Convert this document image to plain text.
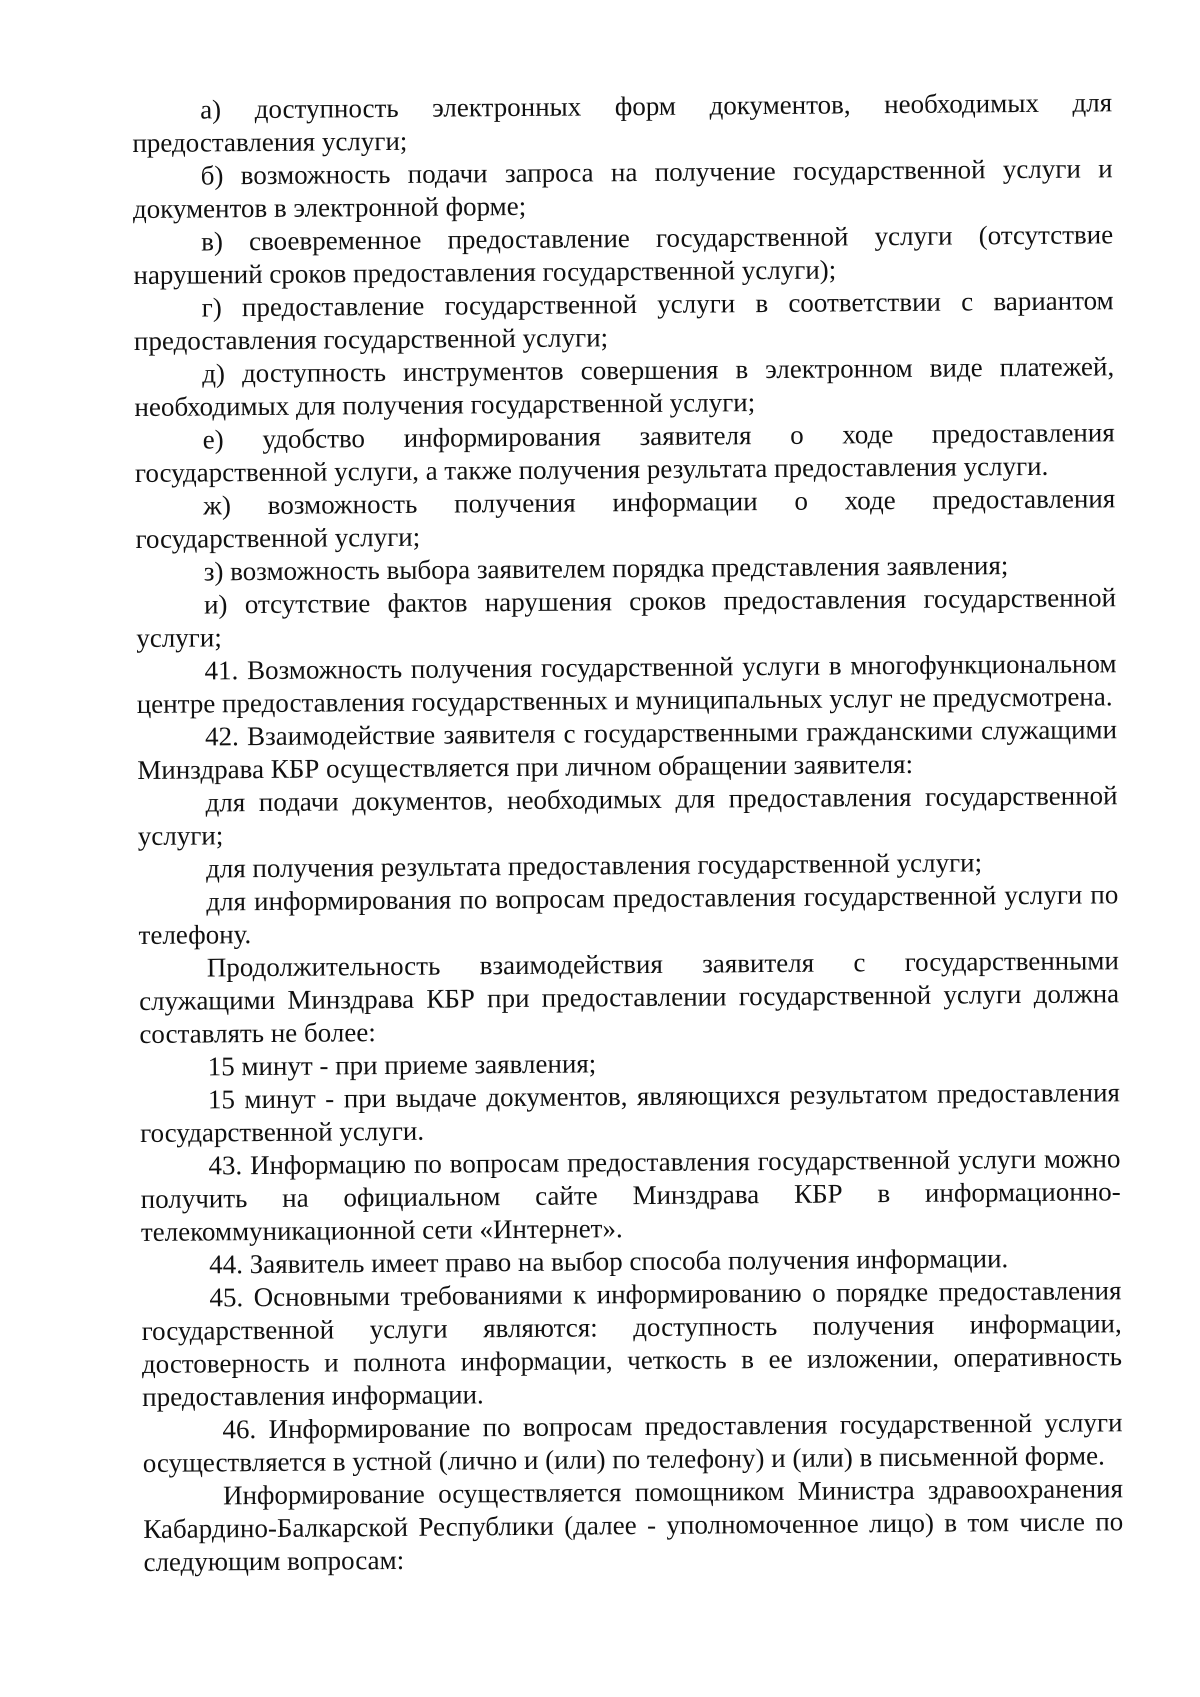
а) доступность электронных форм документов, необходимых для предоставления услуги;

б) возможность подачи запроса на получение государственной услуги и документов в электронной форме;

в) своевременное предоставление государственной услуги (отсутствие нарушений сроков предоставления государственной услуги);

г) предоставление государственной услуги в соответствии с вариантом предоставления государственной услуги;

д) доступность инструментов совершения в электронном виде платежей, необходимых для получения государственной услуги;

е) удобство информирования заявителя о ходе предоставления государственной услуги, а также получения результата предоставления услуги.

ж) возможность получения информации о ходе предоставления государственной услуги;

з) возможность выбора заявителем порядка представления заявления;

и) отсутствие фактов нарушения сроков предоставления государственной услуги;

41. Возможность получения государственной услуги в многофункциональном центре предоставления государственных и муниципальных услуг не предусмотрена.

42. Взаимодействие заявителя с государственными гражданскими служащими Минздрава КБР осуществляется при личном обращении заявителя:

для подачи документов, необходимых для предоставления государственной услуги;

для получения результата предоставления государственной услуги;

для информирования по вопросам предоставления государственной услуги по телефону.

Продолжительность взаимодействия заявителя с государственными служащими Минздрава КБР при предоставлении государственной услуги должна составлять не более:

15 минут - при приеме заявления;

15 минут - при выдаче документов, являющихся результатом предоставления государственной услуги.

43. Информацию по вопросам предоставления государственной услуги можно получить на официальном сайте Минздрава КБР в информационно-телекоммуникационной сети «Интернет».

44. Заявитель имеет право на выбор способа получения информации.

45. Основными требованиями к информированию о порядке предоставления государственной услуги являются: доступность получения информации, достоверность и полнота информации, четкость в ее изложении, оперативность предоставления информации.

46. Информирование по вопросам предоставления государственной услуги осуществляется в устной (лично и (или) по телефону) и (или) в письменной форме.

Информирование осуществляется помощником Министра здравоохранения Кабардино-Балкарской Республики (далее - уполномоченное лицо) в том числе по следующим вопросам:
